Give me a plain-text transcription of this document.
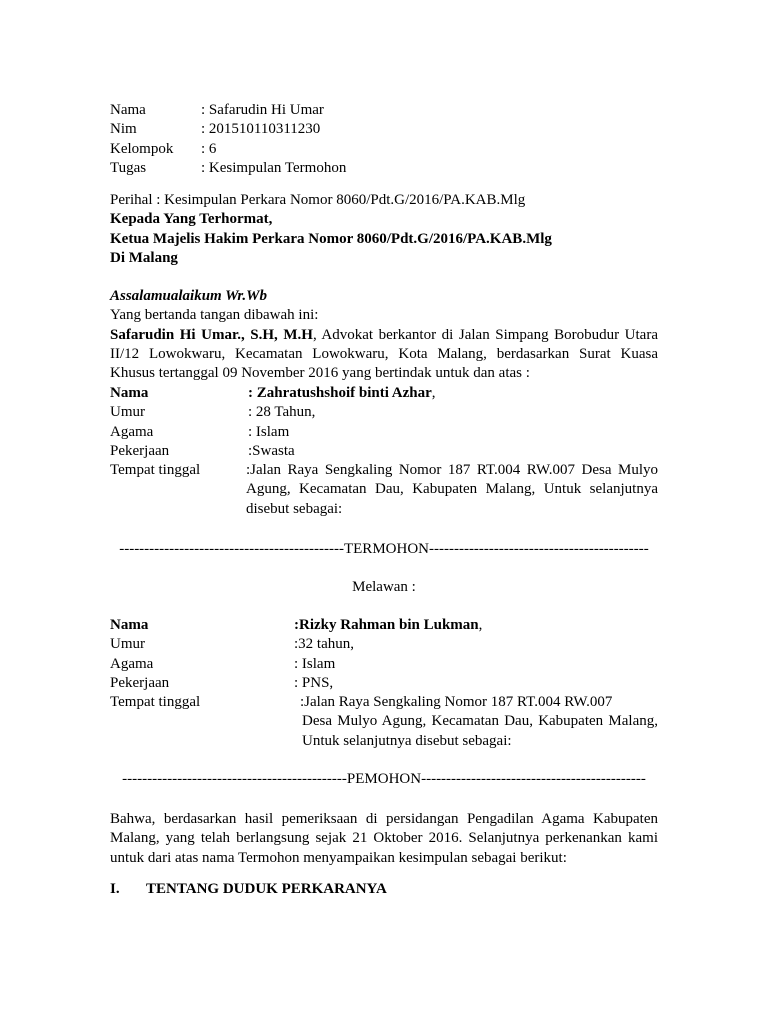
Nama	: Safarudin Hi Umar
Nim	: 201510110311230
Kelompok : 6
Tugas	: Kesimpulan Termohon
Perihal : Kesimpulan Perkara Nomor 8060/Pdt.G/2016/PA.KAB.Mlg
Kepada Yang Terhormat,
Ketua Majelis Hakim Perkara Nomor 8060/Pdt.G/2016/PA.KAB.Mlg
Di Malang
Assalamualaikum Wr.Wb
Yang bertanda tangan dibawah ini:
Safarudin Hi Umar., S.H, M.H, Advokat berkantor di Jalan Simpang Borobudur Utara II/12 Lowokwaru, Kecamatan Lowokwaru, Kota Malang, berdasarkan Surat Kuasa Khusus tertanggal 09 November 2016 yang bertindak untuk dan atas :
Nama	: Zahratushshoif binti Azhar,
Umur	: 28 Tahun,
Agama	: Islam
Pekerjaan	:Swasta
Tempat tinggal	:Jalan Raya Sengkaling Nomor 187 RT.004 RW.007 Desa Mulyo Agung, Kecamatan Dau, Kabupaten Malang, Untuk selanjutnya disebut sebagai:
---------------------------------------------TERMOHON--------------------------------------------
Melawan :
Nama	:Rizky Rahman bin Lukman,
Umur	:32 tahun,
Agama	: Islam
Pekerjaan	: PNS,
Tempat tinggal	:Jalan Raya Sengkaling Nomor 187 RT.004 RW.007
Desa Mulyo Agung, Kecamatan Dau, Kabupaten Malang, Untuk selanjutnya disebut sebagai:
---------------------------------------------PEMOHON---------------------------------------------
Bahwa, berdasarkan hasil pemeriksaan di persidangan Pengadilan Agama Kabupaten Malang, yang telah berlangsung sejak 21 Oktober 2016. Selanjutnya perkenankan kami untuk dari atas nama Termohon menyampaikan kesimpulan sebagai berikut:
I. TENTANG DUDUK PERKARANYA
